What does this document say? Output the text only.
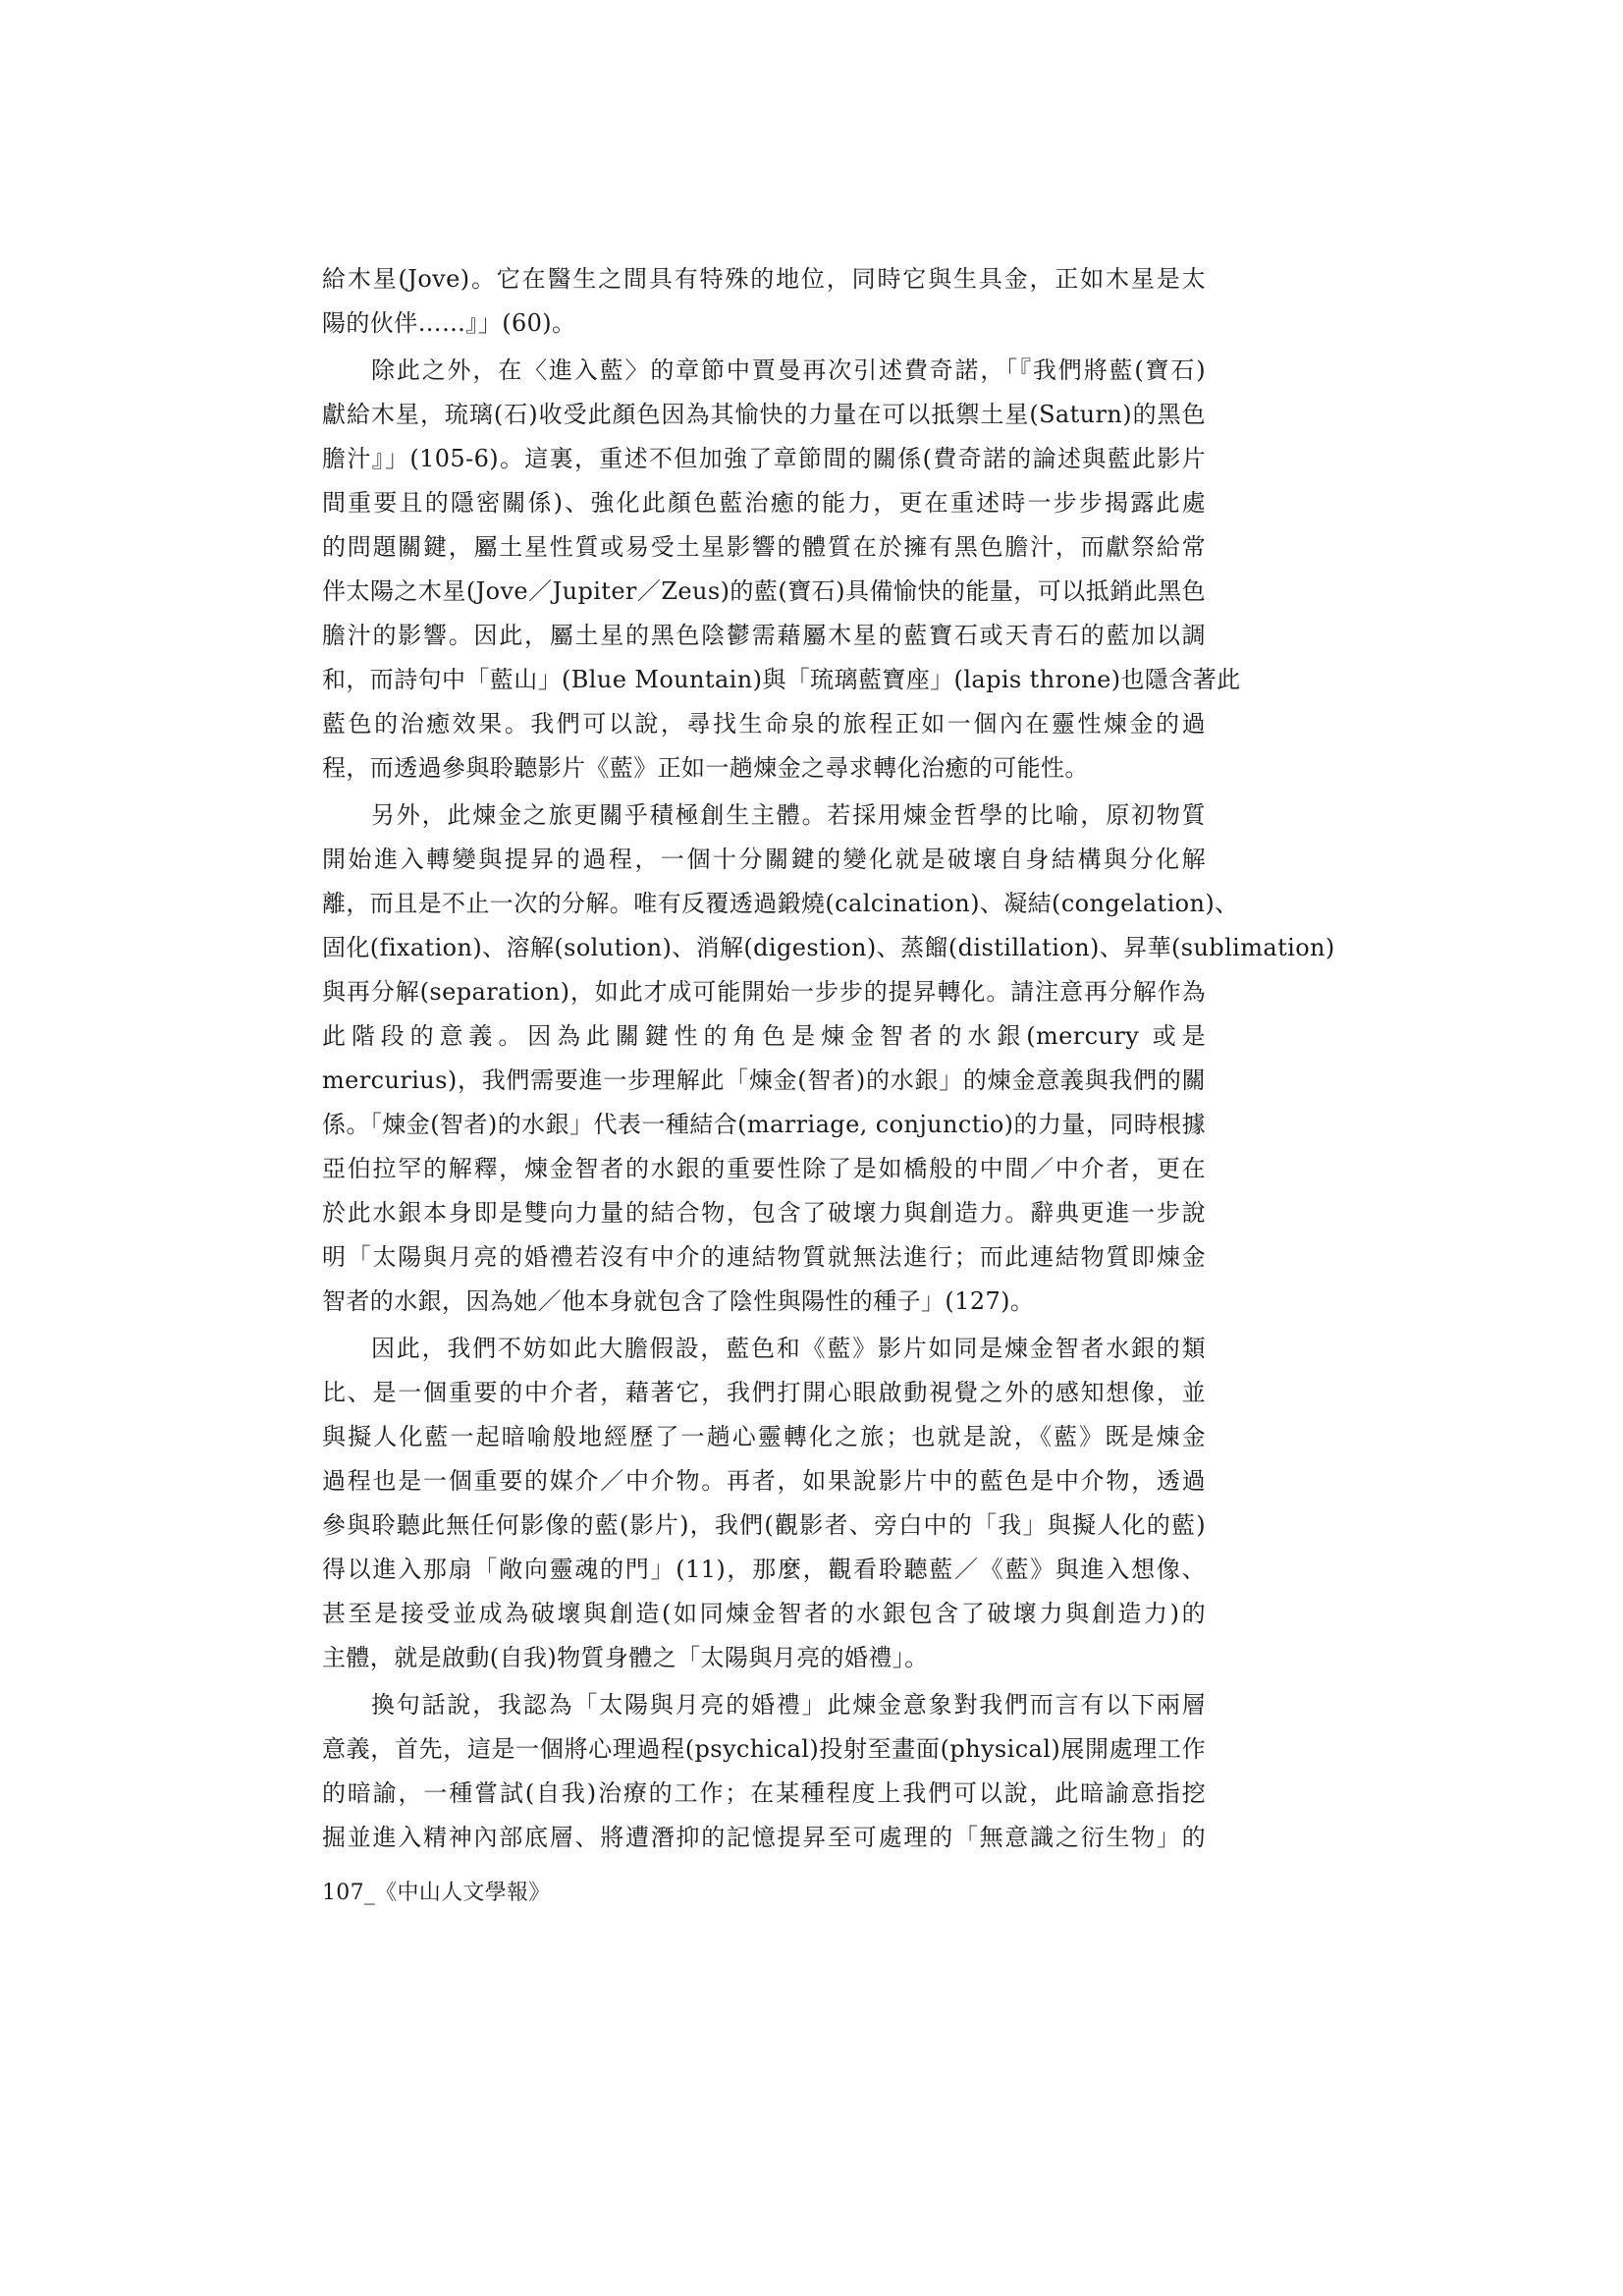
給木星(Jove)。它在醫生之間具有特殊的地位，同時它與生具金，正如木星是太
陽的伙伴……』」(60)。
除此之外，在〈進入藍〉的章節中賈曼再次引述費奇諾，「『我們將藍(寶石)
獻給木星，琉璃(石)收受此顏色因為其愉快的力量在可以抵禦土星(Saturn)的黑色
膽汁』」(105-6)。這裏，重述不但加強了章節間的關係(費奇諾的論述與藍此影片
間重要且的隱密關係)、強化此顏色藍治癒的能力，更在重述時一步步揭露此處
的問題關鍵，屬土星性質或易受土星影響的體質在於擁有黑色膽汁，而獻祭給常
伴太陽之木星(Jove／Jupiter／Zeus)的藍(寶石)具備愉快的能量，可以抵銷此黑色
膽汁的影響。因此，屬土星的黑色陰鬱需藉屬木星的藍寶石或天青石的藍加以調
和，而詩句中「藍山」(Blue Mountain)與「琉璃藍寶座」(lapis throne)也隱含著此
藍色的治癒效果。我們可以說，尋找生命泉的旅程正如一個內在靈性煉金的過
程，而透過參與聆聽影片《藍》正如一趟煉金之尋求轉化治癒的可能性。
另外，此煉金之旅更關乎積極創生主體。若採用煉金哲學的比喻，原初物質
開始進入轉變與提昇的過程，一個十分關鍵的變化就是破壞自身結構與分化解
離，而且是不止一次的分解。唯有反覆透過鍛燒(calcination)、凝結(congelation)、
固化(fixation)、溶解(solution)、消解(digestion)、蒸餾(distillation)、昇華(sublimation)
與再分解(separation)，如此才成可能開始一步步的提昇轉化。請注意再分解作為
此階段的意義。因為此關鍵性的角色是煉金智者的水銀(mercury 或是
mercurius)，我們需要進一步理解此「煉金(智者)的水銀」的煉金意義與我們的關
係。「煉金(智者)的水銀」代表一種結合(marriage, conjunctio)的力量，同時根據
亞伯拉罕的解釋，煉金智者的水銀的重要性除了是如橋般的中間／中介者，更在
於此水銀本身即是雙向力量的結合物，包含了破壞力與創造力。辭典更進一步說
明「太陽與月亮的婚禮若沒有中介的連結物質就無法進行；而此連結物質即煉金
智者的水銀，因為她／他本身就包含了陰性與陽性的種子」(127)。
因此，我們不妨如此大膽假設，藍色和《藍》影片如同是煉金智者水銀的類
比、是一個重要的中介者，藉著它，我們打開心眼啟動視覺之外的感知想像，並
與擬人化藍一起暗喻般地經歷了一趟心靈轉化之旅；也就是說，《藍》既是煉金
過程也是一個重要的媒介／中介物。再者，如果說影片中的藍色是中介物，透過
參與聆聽此無任何影像的藍(影片)，我們(觀影者、旁白中的「我」與擬人化的藍)
得以進入那扇「敞向靈魂的門」(11)，那麼，觀看聆聽藍／《藍》與進入想像、
甚至是接受並成為破壞與創造(如同煉金智者的水銀包含了破壞力與創造力)的
主體，就是啟動(自我)物質身體之「太陽與月亮的婚禮」。
換句話說，我認為「太陽與月亮的婚禮」此煉金意象對我們而言有以下兩層
意義，首先，這是一個將心理過程(psychical)投射至畫面(physical)展開處理工作
的暗諭，一種嘗試(自我)治療的工作；在某種程度上我們可以說，此暗諭意指挖
掘並進入精神內部底層、將遭潛抑的記憶提昇至可處理的「無意識之衍生物」的
107_《中山人文學報》
